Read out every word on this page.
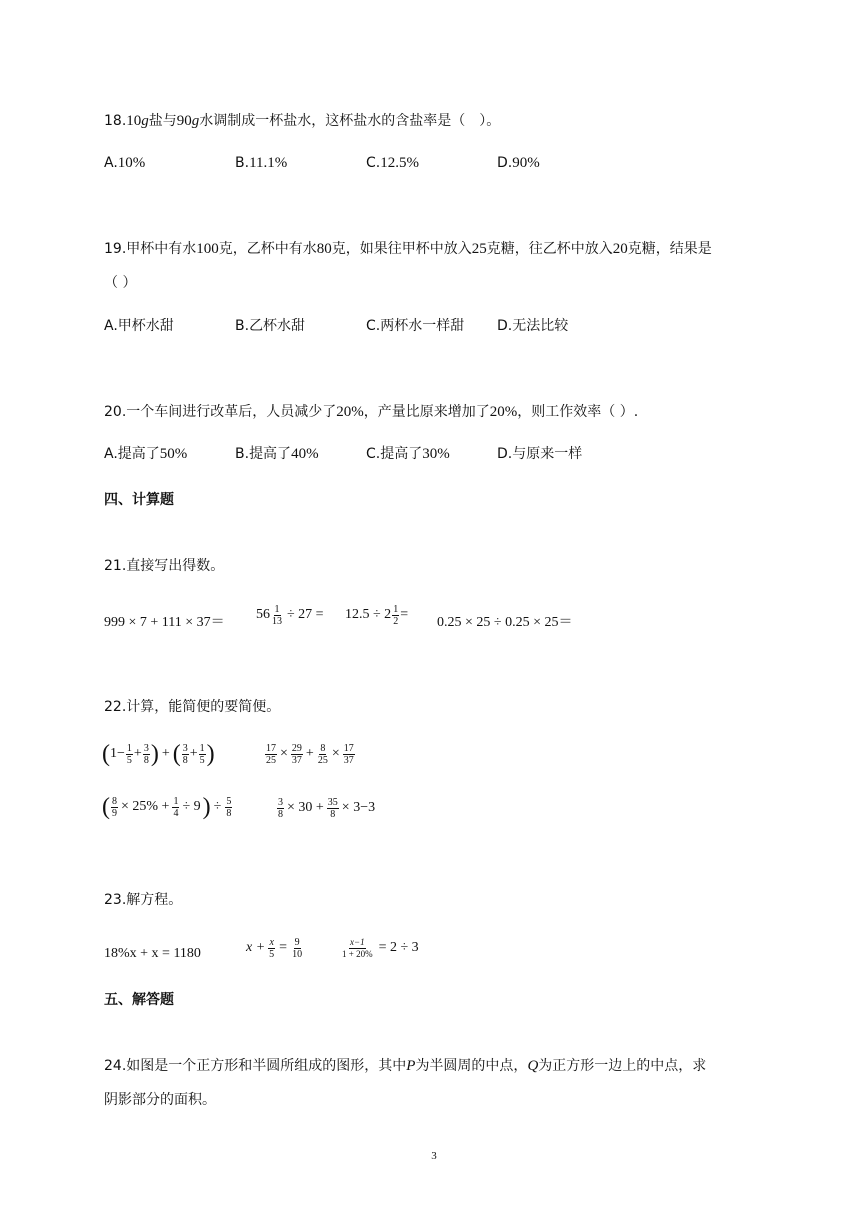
18.10g盐与90g水调制成一杯盐水，这杯盐水的含盐率是（　）。
A.10%	B.11.1%	C.12.5%	D.90%
19.甲杯中有水100克，乙杯中有水80克，如果往甲杯中放入25克糖，往乙杯中放入20克糖，结果是
（ ）
A.甲杯水甜	B.乙杯水甜	C.两杯水一样甜 D.无法比较
20.一个车间进行改革后，人员减少了20%，产量比原来增加了20%，则工作效率（ ）.
A.提高了50%	B.提高了40%	C.提高了30%	D.与原来一样
四、计算题
21.直接写出得数。
999 × 7 + 111 × 37＝
$56 \frac{1}{13} \div 27 = 12.5 \div 2 \frac{1}{2}$ =
0.25 × 25 ÷ 0.25 × 25＝
22.计算，能简便的要简便。
( $1 - \frac{1}{5} + \frac{3}{8}$ ) + ( $\frac{3}{8} + \frac{1}{5}$ )	$\frac{17}{25} \times \frac{29}{37} + \frac{8}{25} \times \frac{17}{37}$
( $\frac{8}{9} \times 25\% + \frac{1}{4} \div 9$ ) ÷ $\frac{5}{8}$	$\frac{3}{8} \times 30 + \frac{35}{8} \times 3-3$
23.解方程。
18%x + x = 1180	$x + \frac{x}{5} = \frac{9}{10}$	$\frac{x-1}{1 + 20\%} = 2 \div 3$
五、解答题
24.如图是一个正方形和半圆所组成的图形，其中P为半圆周的中点，Q为正方形一边上的中点，求
阴影部分的面积。
3
